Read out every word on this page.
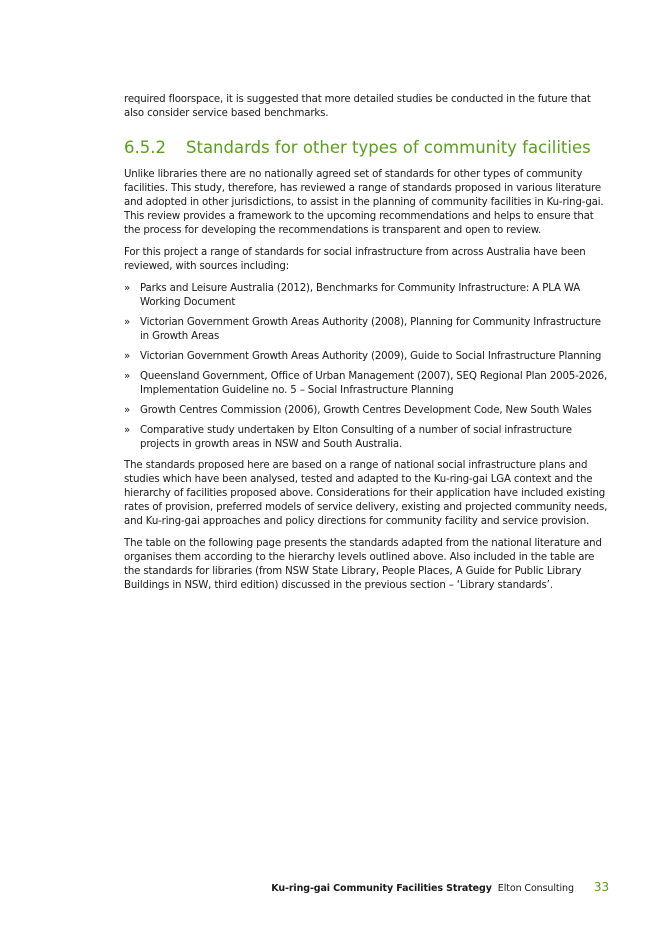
required floorspace, it is suggested that more detailed studies be conducted in the future that also consider service based benchmarks.

6.5.2	Standards for other types of community facilities

Unlike libraries there are no nationally agreed set of standards for other types of community facilities. This study, therefore, has reviewed a range of standards proposed in various literature and adopted in other jurisdictions, to assist in the planning of community facilities in Ku-ring-gai. This review provides a framework to the upcoming recommendations and helps to ensure that the process for developing the recommendations is transparent and open to review.

For this project a range of standards for social infrastructure from across Australia have been reviewed, with sources including:

» Parks and Leisure Australia (2012), Benchmarks for Community Infrastructure: A PLA WA Working Document
» Victorian Government Growth Areas Authority (2008), Planning for Community Infrastructure in Growth Areas
» Victorian Government Growth Areas Authority (2009), Guide to Social Infrastructure Planning
» Queensland Government, Office of Urban Management (2007), SEQ Regional Plan 2005-2026, Implementation Guideline no. 5 – Social Infrastructure Planning
» Growth Centres Commission (2006), Growth Centres Development Code, New South Wales
» Comparative study undertaken by Elton Consulting of a number of social infrastructure projects in growth areas in NSW and South Australia.

The standards proposed here are based on a range of national social infrastructure plans and studies which have been analysed, tested and adapted to the Ku-ring-gai LGA context and the hierarchy of facilities proposed above. Considerations for their application have included existing rates of provision, preferred models of service delivery, existing and projected community needs, and Ku-ring-gai approaches and policy directions for community facility and service provision.

The table on the following page presents the standards adapted from the national literature and organises them according to the hierarchy levels outlined above. Also included in the table are the standards for libraries (from NSW State Library, People Places, A Guide for Public Library Buildings in NSW, third edition) discussed in the previous section – ‘Library standards’.

Ku-ring-gai Community Facilities Strategy Elton Consulting 33
